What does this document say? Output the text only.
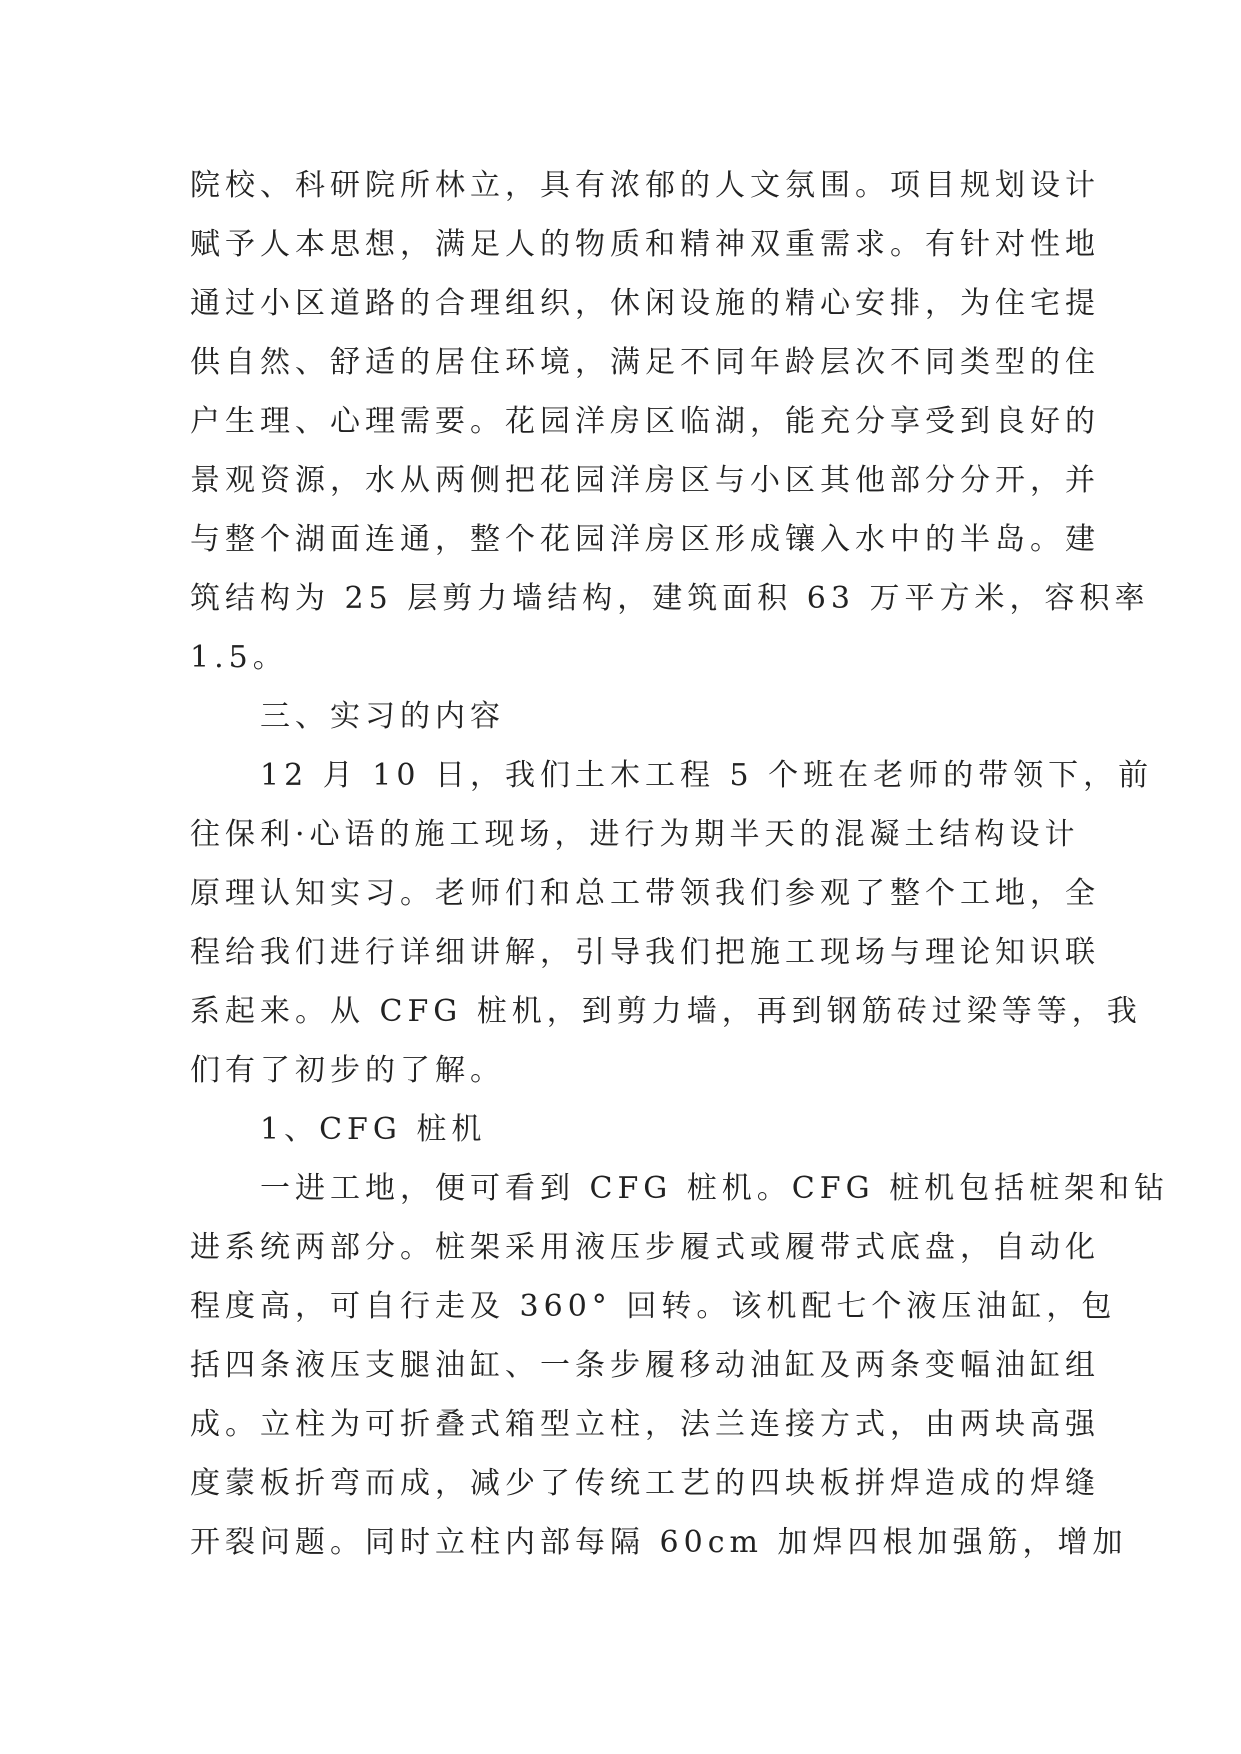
院校、科研院所林立，具有浓郁的人文氛围。项目规划设计
赋予人本思想，满足人的物质和精神双重需求。有针对性地
通过小区道路的合理组织，休闲设施的精心安排，为住宅提
供自然、舒适的居住环境，满足不同年龄层次不同类型的住
户生理、心理需要。花园洋房区临湖，能充分享受到良好的
景观资源，水从两侧把花园洋房区与小区其他部分分开，并
与整个湖面连通，整个花园洋房区形成镶入水中的半岛。建
筑结构为 25 层剪力墙结构，建筑面积 63 万平方米，容积率
1.5。
三、实习的内容
12 月 10 日，我们土木工程 5 个班在老师的带领下，前
往保利·心语的施工现场，进行为期半天的混凝土结构设计
原理认知实习。老师们和总工带领我们参观了整个工地，全
程给我们进行详细讲解，引导我们把施工现场与理论知识联
系起来。从 CFG 桩机，到剪力墙，再到钢筋砖过梁等等，我
们有了初步的了解。
1、CFG 桩机
一进工地，便可看到 CFG 桩机。CFG 桩机包括桩架和钻
进系统两部分。桩架采用液压步履式或履带式底盘，自动化
程度高，可自行走及 360° 回转。该机配七个液压油缸，包
括四条液压支腿油缸、一条步履移动油缸及两条变幅油缸组
成。立柱为可折叠式箱型立柱，法兰连接方式，由两块高强
度蒙板折弯而成，减少了传统工艺的四块板拼焊造成的焊缝
开裂问题。同时立柱内部每隔 60cm 加焊四根加强筋，增加
